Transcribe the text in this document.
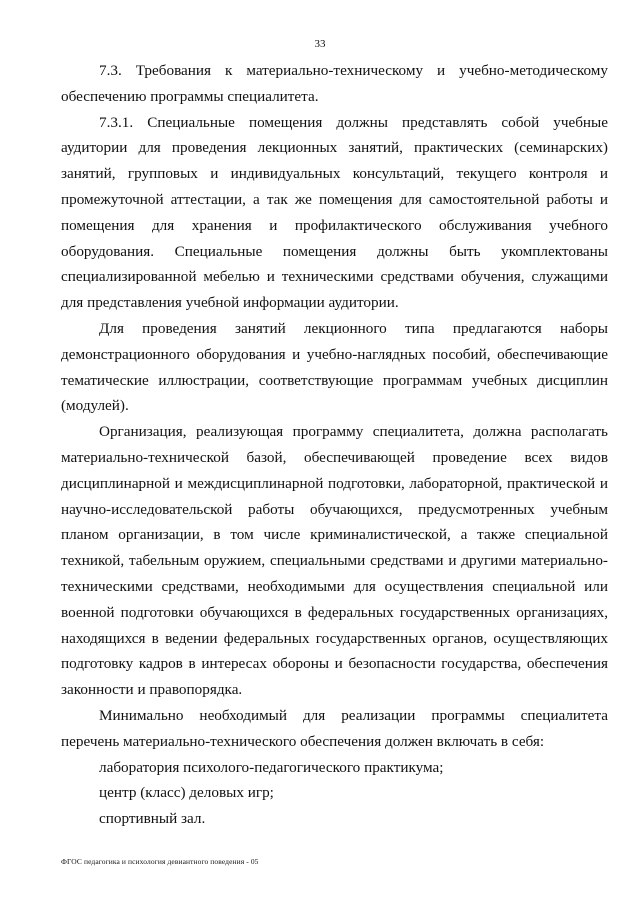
33

7.3. Требования к материально-техническому и учебно-методическому обеспечению программы специалитета.

7.3.1. Специальные помещения должны представлять собой учебные аудитории для проведения лекционных занятий, практических (семинарских) занятий, групповых и индивидуальных консультаций, текущего контроля и промежуточной аттестации, а так же помещения для самостоятельной работы и помещения для хранения и профилактического обслуживания учебного оборудования. Специальные помещения должны быть укомплектованы специализированной мебелью и техническими средствами обучения, служащими для представления учебной информации аудитории.

Для проведения занятий лекционного типа предлагаются наборы демонстрационного оборудования и учебно-наглядных пособий, обеспечивающие тематические иллюстрации, соответствующие программам учебных дисциплин (модулей).

Организация, реализующая программу специалитета, должна располагать материально-технической базой, обеспечивающей проведение всех видов дисциплинарной и междисциплинарной подготовки, лабораторной, практической и научно-исследовательской работы обучающихся, предусмотренных учебным планом организации, в том числе криминалистической, а также специальной техникой, табельным оружием, специальными средствами и другими материально-техническими средствами, необходимыми для осуществления специальной или военной подготовки обучающихся в федеральных государственных организациях, находящихся в ведении федеральных государственных органов, осуществляющих подготовку кадров в интересах обороны и безопасности государства, обеспечения законности и правопорядка.

Минимально необходимый для реализации программы специалитета перечень материально-технического обеспечения должен включать в себя:

лаборатория психолого-педагогического практикума;

центр (класс) деловых игр;

спортивный зал.

ФГОС педагогика и психология девиантного поведения - 05
